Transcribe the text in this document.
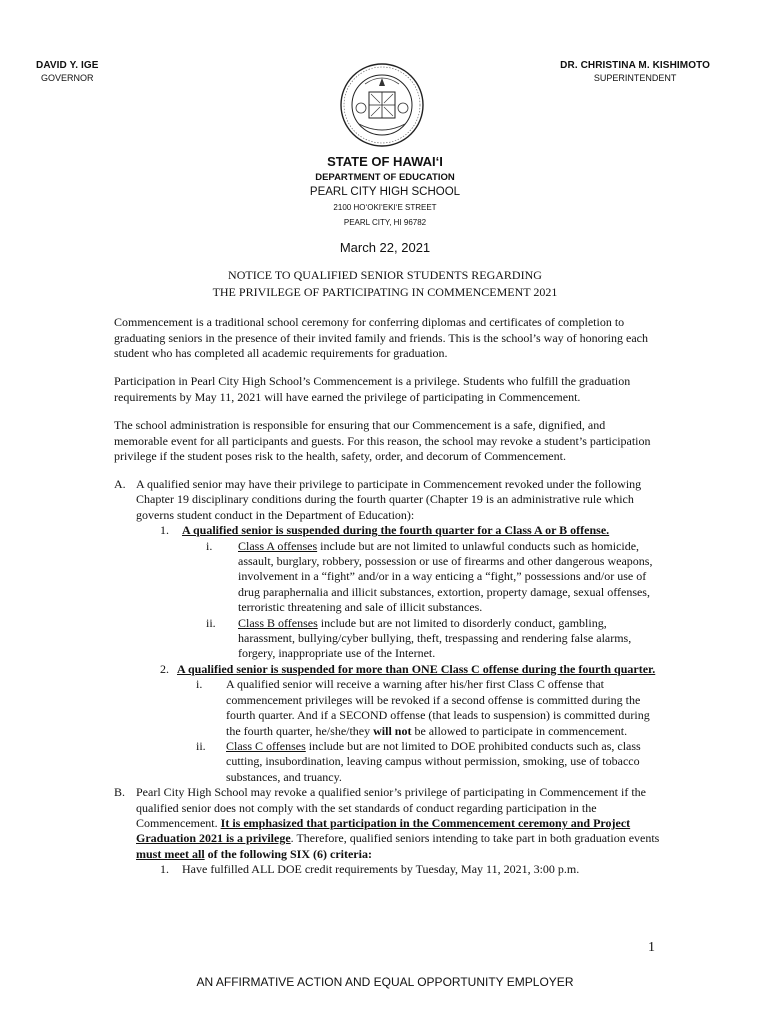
DAVID Y. IGE
GOVERNOR
DR. CHRISTINA M. KISHIMOTO
SUPERINTENDENT
STATE OF HAWAI‘I
DEPARTMENT OF EDUCATION
PEARL CITY HIGH SCHOOL
2100 HO‘OKI‘EKI‘E STREET
PEARL CITY, HI 96782
March 22, 2021
NOTICE TO QUALIFIED SENIOR STUDENTS REGARDING
THE PRIVILEGE OF PARTICIPATING IN COMMENCEMENT 2021
Commencement is a traditional school ceremony for conferring diplomas and certificates of completion to graduating seniors in the presence of their invited family and friends. This is the school’s way of honoring each student who has completed all academic requirements for graduation.
Participation in Pearl City High School’s Commencement is a privilege. Students who fulfill the graduation requirements by May 11, 2021 will have earned the privilege of participating in Commencement.
The school administration is responsible for ensuring that our Commencement is a safe, dignified, and memorable event for all participants and guests. For this reason, the school may revoke a student’s participation privilege if the student poses risk to the health, safety, order, and decorum of Commencement.
A. A qualified senior may have their privilege to participate in Commencement revoked under the following Chapter 19 disciplinary conditions during the fourth quarter (Chapter 19 is an administrative rule which governs student conduct in the Department of Education):
1. A qualified senior is suspended during the fourth quarter for a Class A or B offense.
i. Class A offenses include but are not limited to unlawful conducts such as homicide, assault, burglary, robbery, possession or use of firearms and other dangerous weapons, involvement in a “fight” and/or in a way enticing a “fight,” possessions and/or use of drug paraphernalia and illicit substances, extortion, property damage, sexual offenses, terroristic threatening and sale of illicit substances.
ii. Class B offenses include but are not limited to disorderly conduct, gambling, harassment, bullying/cyber bullying, theft, trespassing and rendering false alarms, forgery, inappropriate use of the Internet.
2. A qualified senior is suspended for more than ONE Class C offense during the fourth quarter.
i. A qualified senior will receive a warning after his/her first Class C offense that commencement privileges will be revoked if a second offense is committed during the fourth quarter. And if a SECOND offense (that leads to suspension) is committed during the fourth quarter, he/she/they will not be allowed to participate in commencement.
ii. Class C offenses include but are not limited to DOE prohibited conducts such as, class cutting, insubordination, leaving campus without permission, smoking, use of tobacco substances, and truancy.
B. Pearl City High School may revoke a qualified senior’s privilege of participating in Commencement if the qualified senior does not comply with the set standards of conduct regarding participation in the Commencement. It is emphasized that participation in the Commencement ceremony and Project Graduation 2021 is a privilege. Therefore, qualified seniors intending to take part in both graduation events must meet all of the following SIX (6) criteria:
1. Have fulfilled ALL DOE credit requirements by Tuesday, May 11, 2021, 3:00 p.m.
1
AN AFFIRMATIVE ACTION AND EQUAL OPPORTUNITY EMPLOYER
